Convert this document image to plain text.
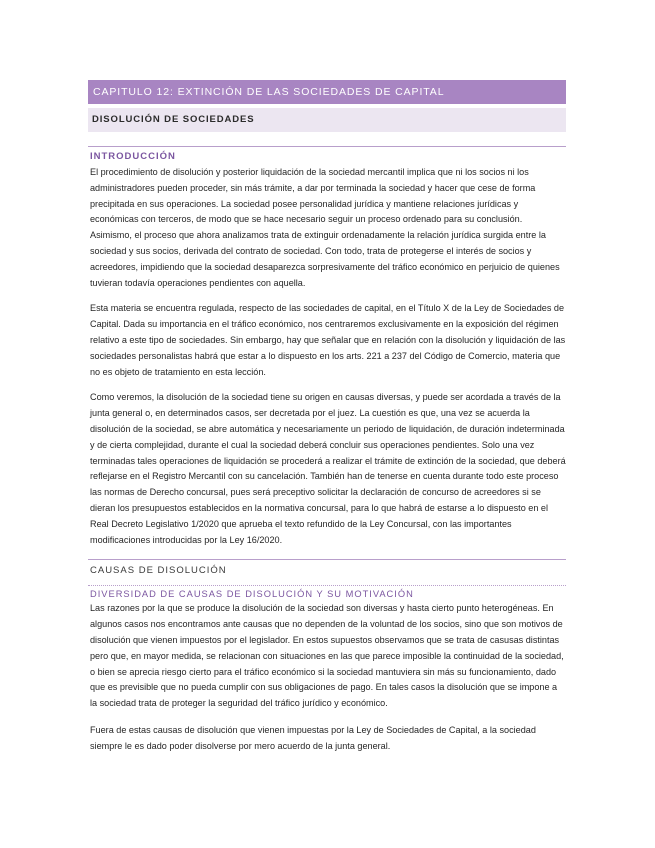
CAPITULO 12: EXTINCIÓN DE LAS SOCIEDADES DE CAPITAL
DISOLUCIÓN DE SOCIEDADES
INTRODUCCIÓN

El procedimiento de disolución y posterior liquidación de la sociedad mercantil implica que ni los socios ni los administradores pueden proceder, sin más trámite, a dar por terminada la sociedad y hacer que cese de forma precipitada en sus operaciones. La sociedad posee personalidad jurídica y mantiene relaciones jurídicas y económicas con terceros, de modo que se hace necesario seguir un proceso ordenado para su conclusión. Asimismo, el proceso que ahora analizamos trata de extinguir ordenadamente la relación jurídica surgida entre la sociedad y sus socios, derivada del contrato de sociedad. Con todo, trata de protegerse el interés de socios y acreedores, impidiendo que la sociedad desaparezca sorpresivamente del tráfico económico en perjuicio de quienes tuvieran todavía operaciones pendientes con aquella.

Esta materia se encuentra regulada, respecto de las sociedades de capital, en el Título X de la Ley de Sociedades de Capital. Dada su importancia en el tráfico económico, nos centraremos exclusivamente en la exposición del régimen relativo a este tipo de sociedades. Sin embargo, hay que señalar que en relación con la disolución y liquidación de las sociedades personalistas habrá que estar a lo dispuesto en los arts. 221 a 237 del Código de Comercio, materia que no es objeto de tratamiento en esta lección.

Como veremos, la disolución de la sociedad tiene su origen en causas diversas, y puede ser acordada a través de la junta general o, en determinados casos, ser decretada por el juez. La cuestión es que, una vez se acuerda la disolución de la sociedad, se abre automática y necesariamente un periodo de liquidación, de duración indeterminada y de cierta complejidad, durante el cual la sociedad deberá concluir sus operaciones pendientes. Solo una vez terminadas tales operaciones de liquidación se procederá a realizar el trámite de extinción de la sociedad, que deberá reflejarse en el Registro Mercantil con su cancelación. También han de tenerse en cuenta durante todo este proceso las normas de Derecho concursal, pues será preceptivo solicitar la declaración de concurso de acreedores si se dieran los presupuestos establecidos en la normativa concursal, para lo que habrá de estarse a lo dispuesto en el Real Decreto Legislativo 1/2020 que aprueba el texto refundido de la Ley Concursal, con las importantes modificaciones introducidas por la Ley 16/2020.

CAUSAS DE DISOLUCIÓN
DIVERSIDAD DE CAUSAS DE DISOLUCIÓN Y SU MOTIVACIÓN

Las razones por la que se produce la disolución de la sociedad son diversas y hasta cierto punto heterogéneas. En algunos casos nos encontramos ante causas que no dependen de la voluntad de los socios, sino que son motivos de disolución que vienen impuestos por el legislador. En estos supuestos observamos que se trata de casusas distintas pero que, en mayor medida, se relacionan con situaciones en las que parece imposible la continuidad de la sociedad, o bien se aprecia riesgo cierto para el tráfico económico si la sociedad mantuviera sin más su funcionamiento, dado que es previsible que no pueda cumplir con sus obligaciones de pago. En tales casos la disolución que se impone a la sociedad trata de proteger la seguridad del tráfico jurídico y económico.

Fuera de estas causas de disolución que vienen impuestas por la Ley de Sociedades de Capital, a la sociedad siempre le es dado poder disolverse por mero acuerdo de la junta general.
